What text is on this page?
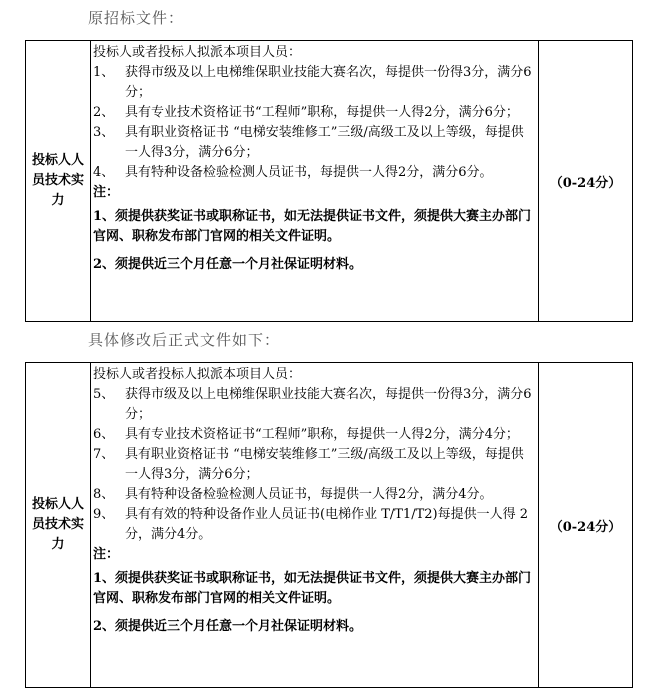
原招标文件：
投标人人员技术实力	
投标人或者投标人拟派本项目人员：
1、 获得市级及以上电梯维保职业技能大赛名次，每提供一份得3分，满分6分；
2、 具有专业技术资格证书“工程师”职称，每提供一人得2分，满分6分；
3、 具有职业资格证书 “电梯安装维修工”三级/高级工及以上等级，每提供一人得3分，满分6分；
4、 具有特种设备检验检测人员证书，每提供一人得2分，满分6分。
注：
1、须提供获奖证书或职称证书，如无法提供证书文件，须提供大赛主办部门官网、职称发布部门官网的相关文件证明。
2、须提供近三个月任意一个月社保证明材料。
	（0-24分）
具体修改后正式文件如下：
投标人人员技术实力	
投标人或者投标人拟派本项目人员：
5、 获得市级及以上电梯维保职业技能大赛名次，每提供一份得3分，满分6分；
6、 具有专业技术资格证书“工程师”职称，每提供一人得2分，满分4分；
7、 具有职业资格证书 “电梯安装维修工”三级/高级工及以上等级，每提供一人得3分，满分6分；
8、 具有特种设备检验检测人员证书，每提供一人得2分，满分4分。
9、 具有有效的特种设备作业人员证书(电梯作业 T/T1/T2)每提供一人得 2分，满分4分。
注：
1、须提供获奖证书或职称证书，如无法提供证书文件，须提供大赛主办部门官网、职称发布部门官网的相关文件证明。
2、须提供近三个月任意一个月社保证明材料。
	（0-24分）
